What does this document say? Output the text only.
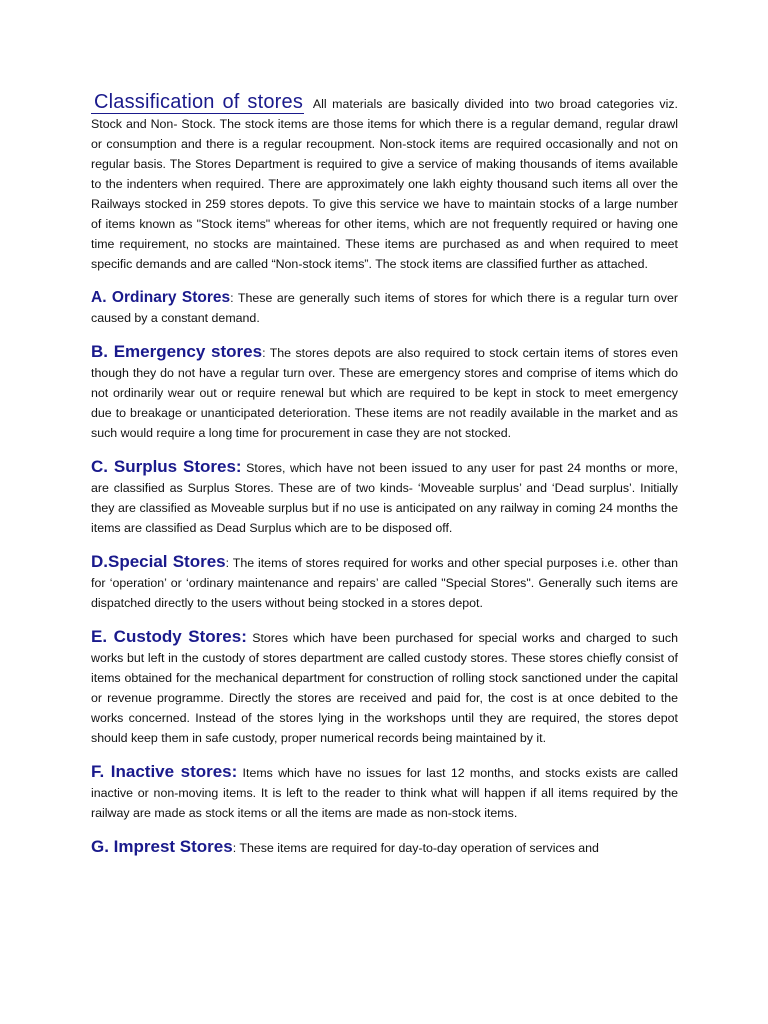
Classification of stores All materials are basically divided into two broad categories viz. Stock and Non- Stock. The stock items are those items for which there is a regular demand, regular drawl or consumption and there is a regular recoupment. Non-stock items are required occasionally and not on regular basis. The Stores Department is required to give a service of making thousands of items available to the indenters when required. There are approximately one lakh eighty thousand such items all over the Railways stocked in 259 stores depots. To give this service we have to maintain stocks of a large number of items known as "Stock items" whereas for other items, which are not frequently required or having one time requirement, no stocks are maintained. These items are purchased as and when required to meet specific demands and are called “Non-stock items”. The stock items are classified further as attached.

A. Ordinary Stores: These are generally such items of stores for which there is a regular turn over caused by a constant demand.

B. Emergency stores: The stores depots are also required to stock certain items of stores even though they do not have a regular turn over. These are emergency stores and comprise of items which do not ordinarily wear out or require renewal but which are required to be kept in stock to meet emergency due to breakage or unanticipated deterioration. These items are not readily available in the market and as such would require a long time for procurement in case they are not stocked.

C. Surplus Stores: Stores, which have not been issued to any user for past 24 months or more, are classified as Surplus Stores. These are of two kinds- ‘Moveable surplus’ and ‘Dead surplus’. Initially they are classified as Moveable surplus but if no use is anticipated on any railway in coming 24 months the items are classified as Dead Surplus which are to be disposed off.

D.Special Stores: The items of stores required for works and other special purposes i.e. other than for ‘operation’ or ‘ordinary maintenance and repairs’ are called "Special Stores". Generally such items are dispatched directly to the users without being stocked in a stores depot.

E. Custody Stores: Stores which have been purchased for special works and charged to such works but left in the custody of stores department are called custody stores. These stores chiefly consist of items obtained for the mechanical department for construction of rolling stock sanctioned under the capital or revenue programme. Directly the stores are received and paid for, the cost is at once debited to the works concerned. Instead of the stores lying in the workshops until they are required, the stores depot should keep them in safe custody, proper numerical records being maintained by it.

F. Inactive stores: Items which have no issues for last 12 months, and stocks exists are called inactive or non-moving items. It is left to the reader to think what will happen if all items required by the railway are made as stock items or all the items are made as non-stock items.

G. Imprest Stores: These items are required for day-to-day operation of services and
